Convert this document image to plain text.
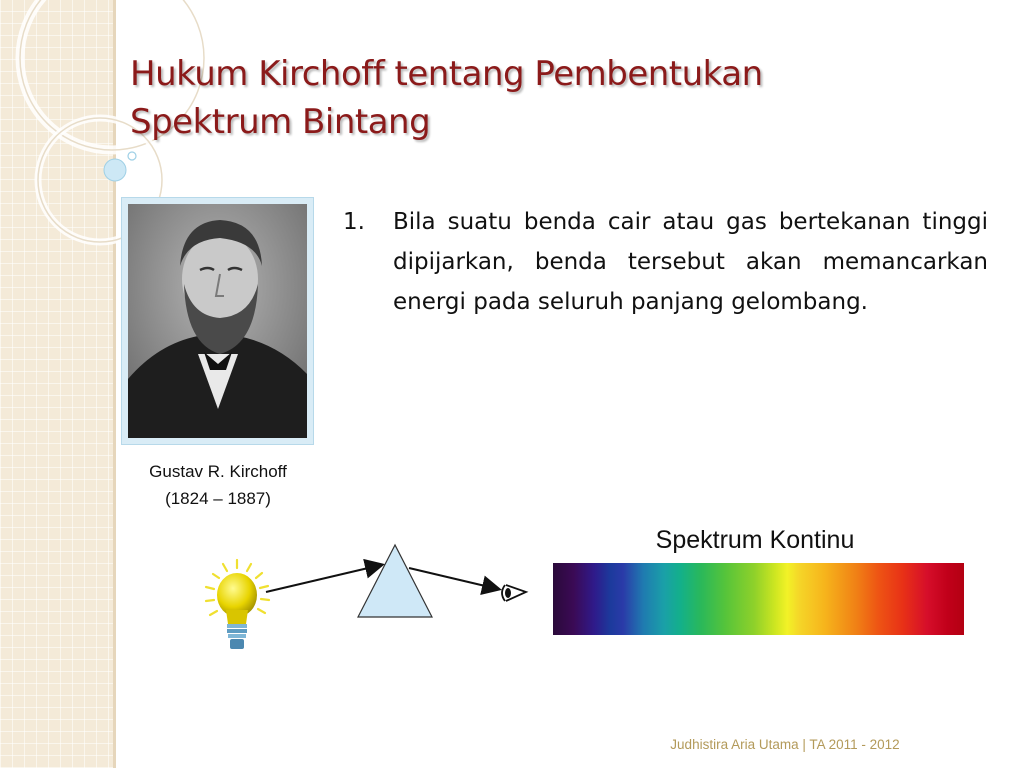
Hukum Kirchoff tentang Pembentukan
Spektrum Bintang
Gustav R. Kirchoff
(1824 – 1887)
1.	Bila suatu benda cair atau gas bertekanan tinggi dipijarkan, benda tersebut akan memancarkan energi pada seluruh panjang gelombang.
Spektrum Kontinu
Judhistira Aria Utama | TA 2011 - 2012
